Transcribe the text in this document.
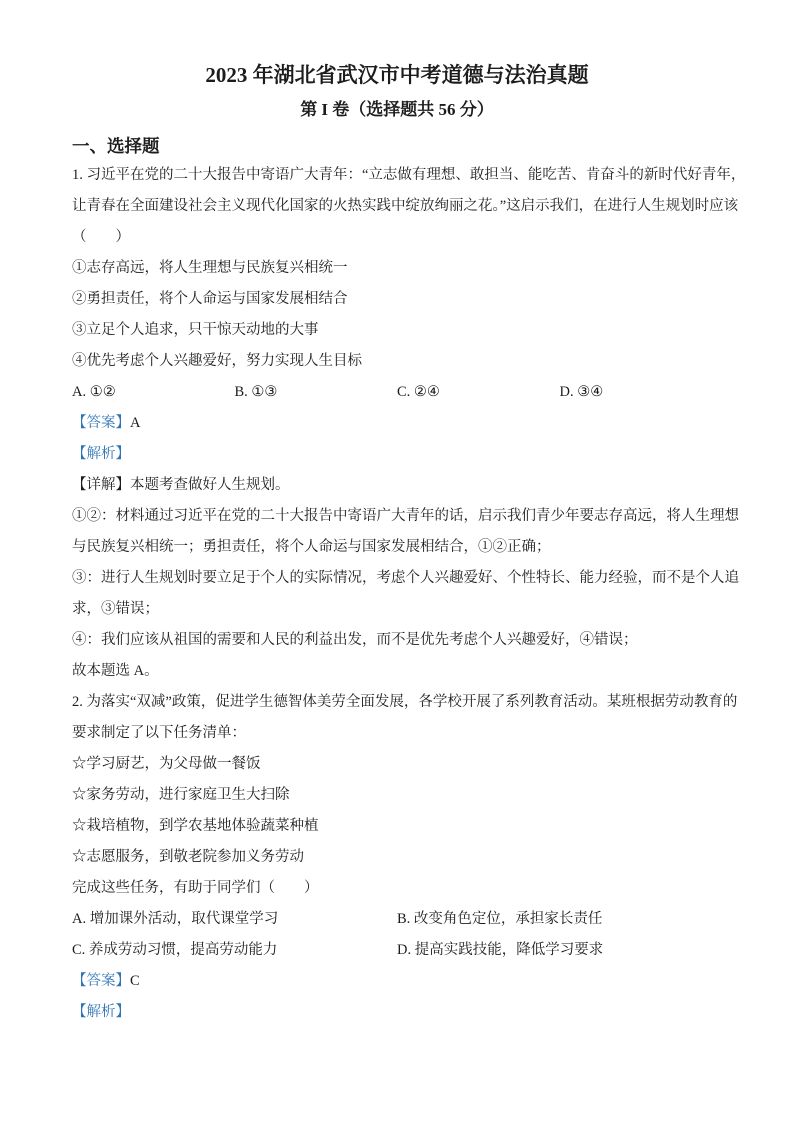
2023 年湖北省武汉市中考道德与法治真题
第 I 卷（选择题共 56 分）
一、选择题
1. 习近平在党的二十大报告中寄语广大青年：“立志做有理想、敢担当、能吃苦、肯奋斗的新时代好青年，
让青春在全面建设社会主义现代化国家的火热实践中绽放绚丽之花。”这启示我们，在进行人生规划时应该
（　　）
①志存高远，将人生理想与民族复兴相统一
②勇担责任，将个人命运与国家发展相结合
③立足个人追求，只干惊天动地的大事
④优先考虑个人兴趣爱好，努力实现人生目标
A. ①②	B. ①③	C. ②④	D. ③④
【答案】A
【解析】
【详解】本题考查做好人生规划。
①②：材料通过习近平在党的二十大报告中寄语广大青年的话，启示我们青少年要志存高远，将人生理想
与民族复兴相统一；勇担责任，将个人命运与国家发展相结合，①②正确；
③：进行人生规划时要立足于个人的实际情况，考虑个人兴趣爱好、个性特长、能力经验，而不是个人追
求，③错误；
④：我们应该从祖国的需要和人民的利益出发，而不是优先考虑个人兴趣爱好，④错误；
故本题选 A。
2. 为落实“双减”政策，促进学生德智体美劳全面发展，各学校开展了系列教育活动。某班根据劳动教育的
要求制定了以下任务清单：
☆学习厨艺，为父母做一餐饭
☆家务劳动，进行家庭卫生大扫除
☆栽培植物，到学农基地体验蔬菜种植
☆志愿服务，到敬老院参加义务劳动
完成这些任务，有助于同学们（　　）
A. 增加课外活动，取代课堂学习	B. 改变角色定位，承担家长责任
C. 养成劳动习惯，提高劳动能力	D. 提高实践技能，降低学习要求
【答案】C
【解析】
